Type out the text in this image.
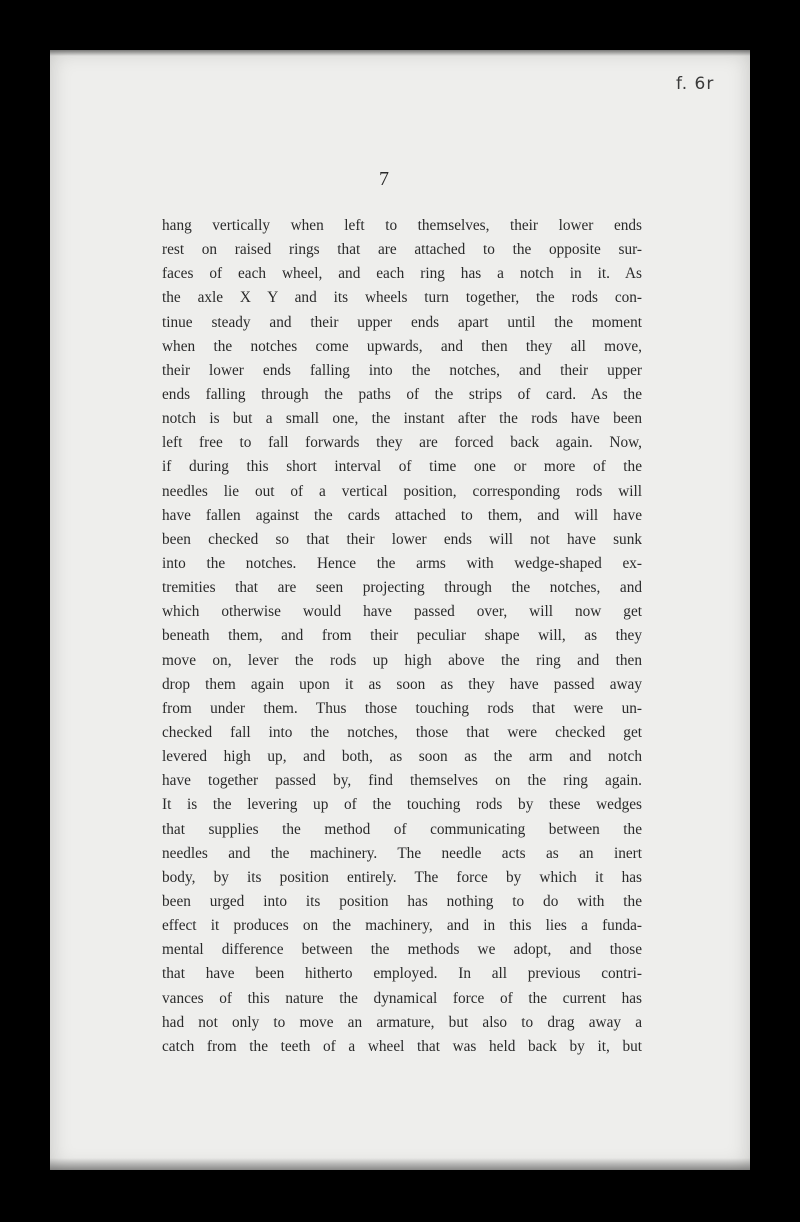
f. 6r
7
hang vertically when left to themselves, their lower ends
rest on raised rings that are attached to the opposite sur-
faces of each wheel, and each ring has a notch in it. As
the axle X Y and its wheels turn together, the rods con-
tinue steady and their upper ends apart until the moment
when the notches come upwards, and then they all move,
their lower ends falling into the notches, and their upper
ends falling through the paths of the strips of card. As the
notch is but a small one, the instant after the rods have been
left free to fall forwards they are forced back again. Now,
if during this short interval of time one or more of the
needles lie out of a vertical position, corresponding rods will
have fallen against the cards attached to them, and will have
been checked so that their lower ends will not have sunk
into the notches. Hence the arms with wedge-shaped ex-
tremities that are seen projecting through the notches, and
which otherwise would have passed over, will now get
beneath them, and from their peculiar shape will, as they
move on, lever the rods up high above the ring and then
drop them again upon it as soon as they have passed away
from under them. Thus those touching rods that were un-
checked fall into the notches, those that were checked get
levered high up, and both, as soon as the arm and notch
have together passed by, find themselves on the ring again.
It is the levering up of the touching rods by these wedges
that supplies the method of communicating between the
needles and the machinery. The needle acts as an inert
body, by its position entirely. The force by which it has
been urged into its position has nothing to do with the
effect it produces on the machinery, and in this lies a funda-
mental difference between the methods we adopt, and those
that have been hitherto employed. In all previous contri-
vances of this nature the dynamical force of the current has
had not only to move an armature, but also to drag away a
catch from the teeth of a wheel that was held back by it, but
